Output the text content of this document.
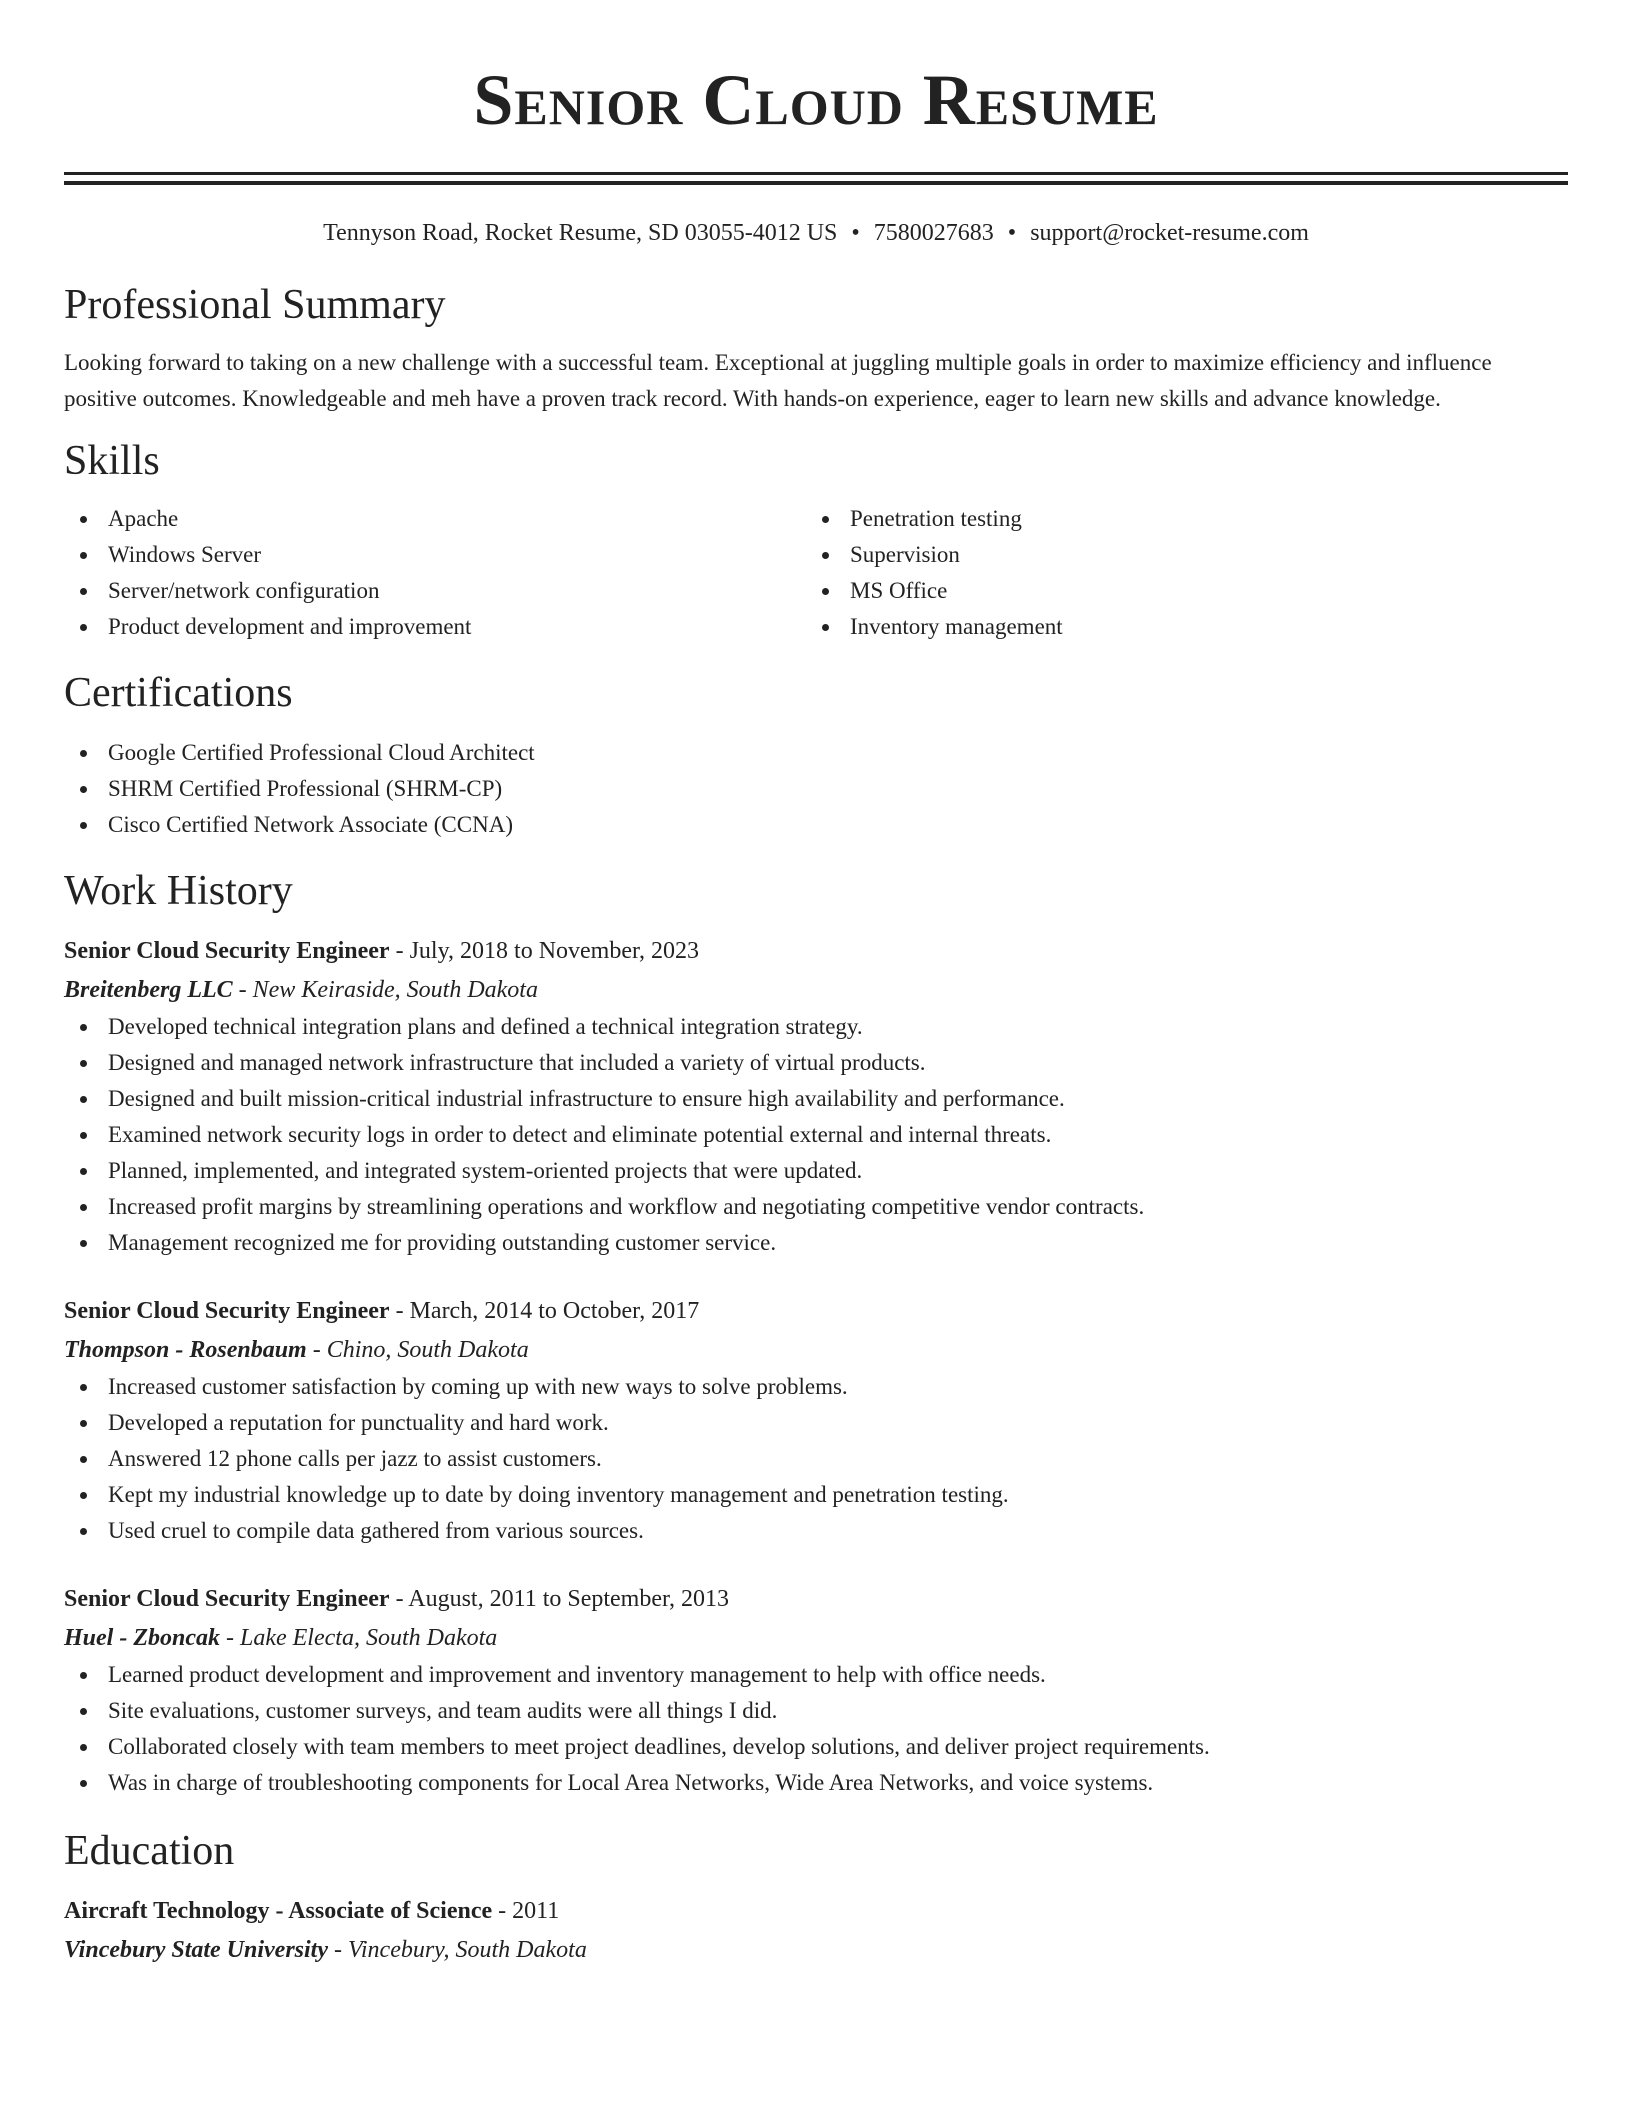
Senior Cloud Resume
Tennyson Road, Rocket Resume, SD 03055-4012 US • 7580027683 • support@rocket-resume.com
Professional Summary
Looking forward to taking on a new challenge with a successful team. Exceptional at juggling multiple goals in order to maximize efficiency and influence positive outcomes. Knowledgeable and meh have a proven track record. With hands-on experience, eager to learn new skills and advance knowledge.
Skills
Apache
Windows Server
Server/network configuration
Product development and improvement
Penetration testing
Supervision
MS Office
Inventory management
Certifications
Google Certified Professional Cloud Architect
SHRM Certified Professional (SHRM-CP)
Cisco Certified Network Associate (CCNA)
Work History
Senior Cloud Security Engineer - July, 2018 to November, 2023
Breitenberg LLC - New Keiraside, South Dakota
Developed technical integration plans and defined a technical integration strategy.
Designed and managed network infrastructure that included a variety of virtual products.
Designed and built mission-critical industrial infrastructure to ensure high availability and performance.
Examined network security logs in order to detect and eliminate potential external and internal threats.
Planned, implemented, and integrated system-oriented projects that were updated.
Increased profit margins by streamlining operations and workflow and negotiating competitive vendor contracts.
Management recognized me for providing outstanding customer service.
Senior Cloud Security Engineer - March, 2014 to October, 2017
Thompson - Rosenbaum - Chino, South Dakota
Increased customer satisfaction by coming up with new ways to solve problems.
Developed a reputation for punctuality and hard work.
Answered 12 phone calls per jazz to assist customers.
Kept my industrial knowledge up to date by doing inventory management and penetration testing.
Used cruel to compile data gathered from various sources.
Senior Cloud Security Engineer - August, 2011 to September, 2013
Huel - Zboncak - Lake Electa, South Dakota
Learned product development and improvement and inventory management to help with office needs.
Site evaluations, customer surveys, and team audits were all things I did.
Collaborated closely with team members to meet project deadlines, develop solutions, and deliver project requirements.
Was in charge of troubleshooting components for Local Area Networks, Wide Area Networks, and voice systems.
Education
Aircraft Technology - Associate of Science - 2011
Vincebury State University - Vincebury, South Dakota
